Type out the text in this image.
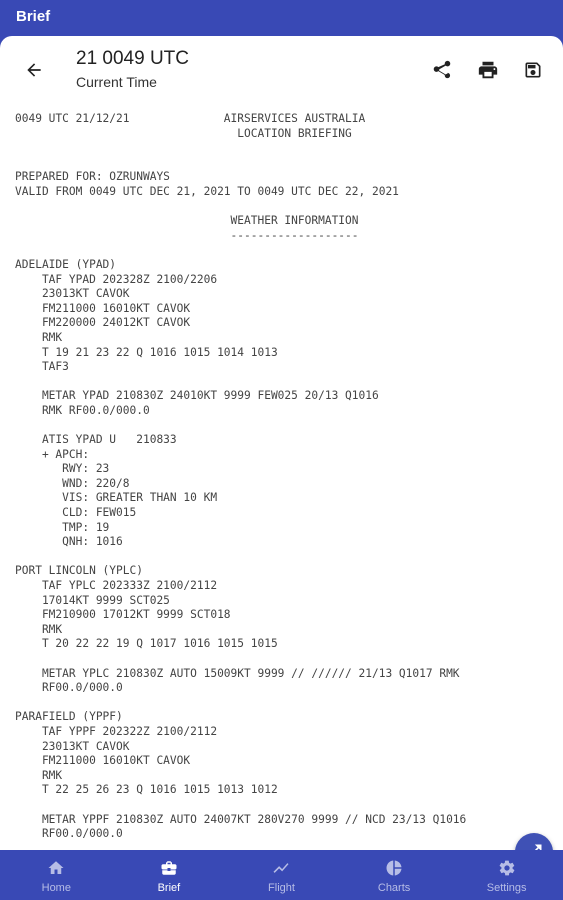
Brief
21 0049 UTC
Current Time
0049 UTC 21/12/21              AIRSERVICES AUSTRALIA
LOCATION BRIEFING

PREPARED FOR: OZRUNWAYS
VALID FROM 0049 UTC DEC 21, 2021 TO 0049 UTC DEC 22, 2021

WEATHER INFORMATION
-------------------

ADELAIDE (YPAD)
TAF YPAD 202328Z 2100/2206
23013KT CAVOK
FM211000 16010KT CAVOK
FM220000 24012KT CAVOK
RMK
T 19 21 23 22 Q 1016 1015 1014 1013
TAF3

METAR YPAD 210830Z 24010KT 9999 FEW025 20/13 Q1016
RMK RF00.0/000.0

ATIS YPAD U   210833
+ APCH:
RWY: 23
WND: 220/8
VIS: GREATER THAN 10 KM
CLD: FEW015
TMP: 19
QNH: 1016

PORT LINCOLN (YPLC)
TAF YPLC 202333Z 2100/2112
17014KT 9999 SCT025
FM210900 17012KT 9999 SCT018
RMK
T 20 22 22 19 Q 1017 1016 1015 1015

METAR YPLC 210830Z AUTO 15009KT 9999 // ////// 21/13 Q1017 RMK
RF00.0/000.0

PARAFIELD (YPPF)
TAF YPPF 202322Z 2100/2112
23013KT CAVOK
FM211000 16010KT CAVOK
RMK
T 22 25 26 23 Q 1016 1015 1013 1012

METAR YPPF 210830Z AUTO 24007KT 280V270 9999 // NCD 23/13 Q1016
RF00.0/000.0
Home	Brief	Flight	Charts	Settings
